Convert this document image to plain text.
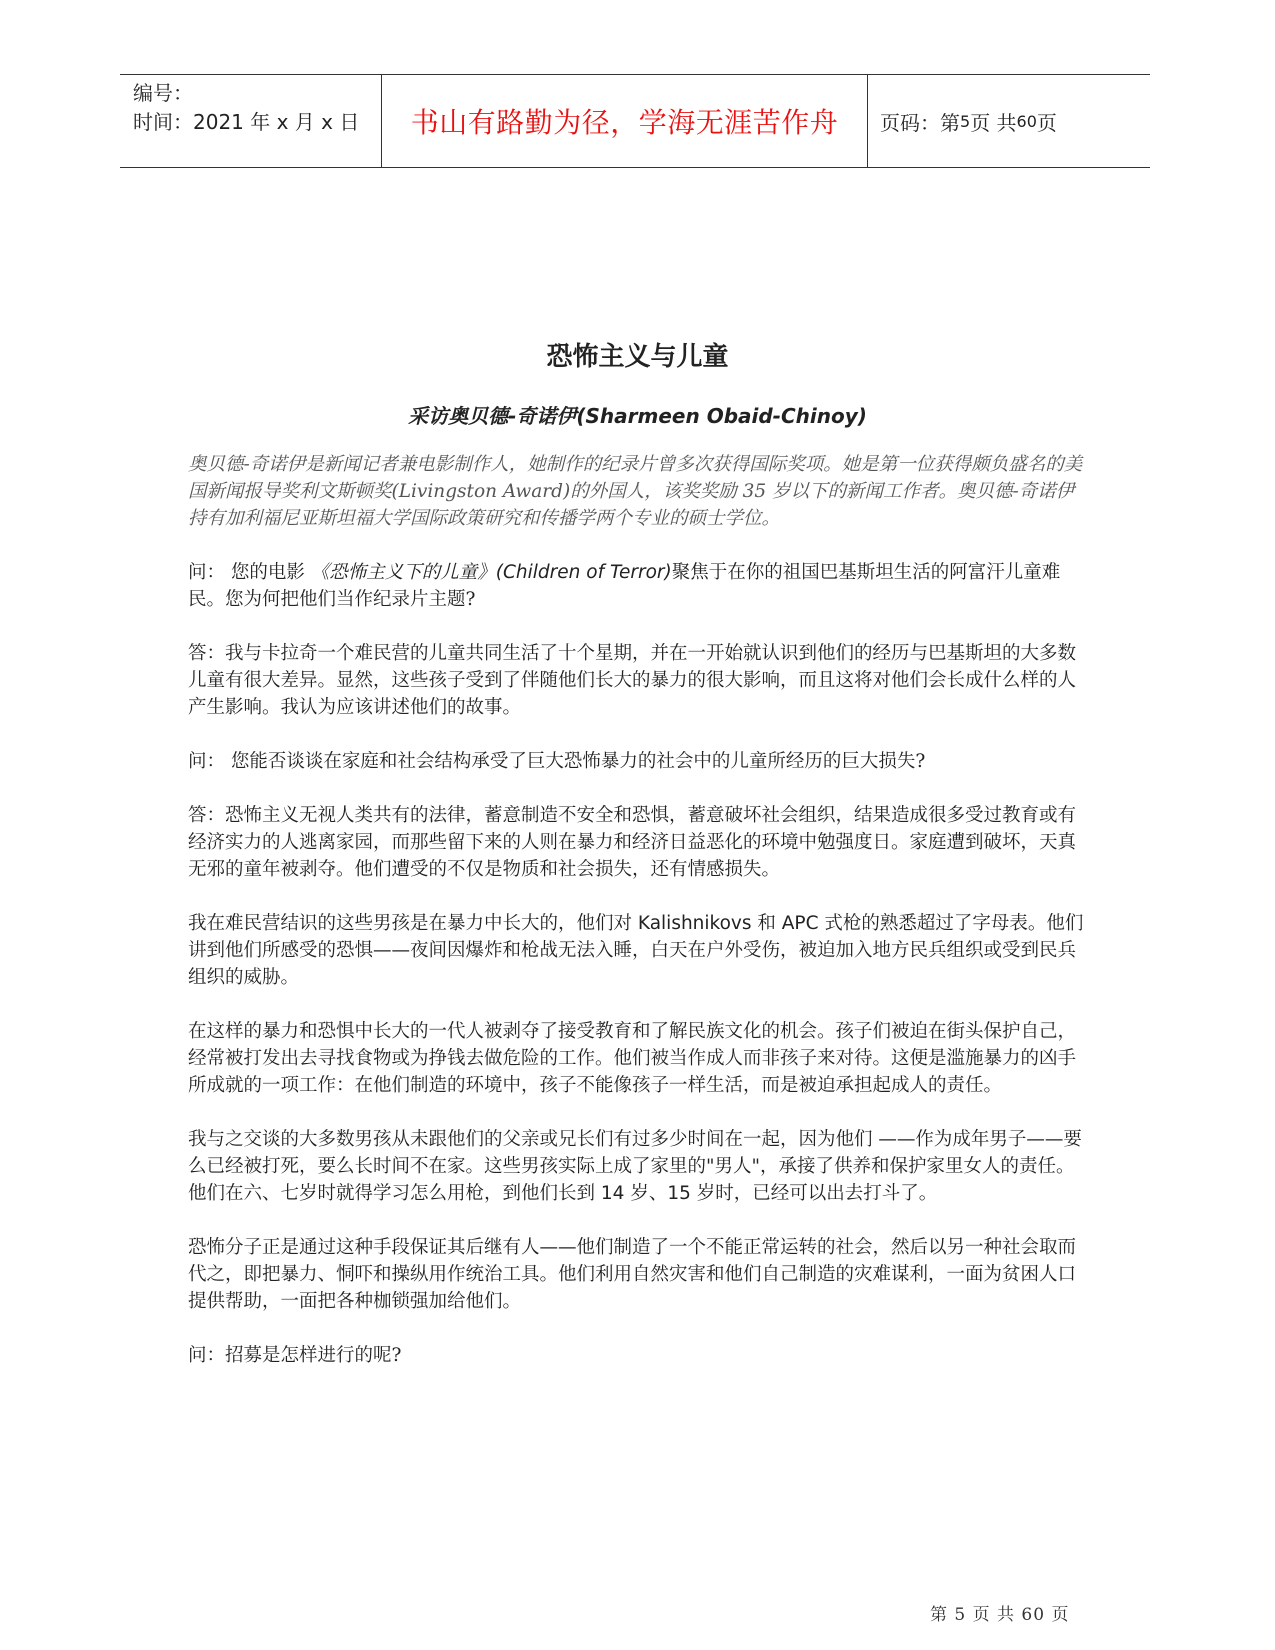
编号：
时间：2021 年 x 月 x 日	书山有路勤为径，学海无涯苦作舟 页码：第 5 页 共 60 页
恐怖主义与儿童
采访奥贝德-奇诺伊(Sharmeen Obaid-Chinoy)

奥贝德-奇诺伊是新闻记者兼电影制作人，她制作的纪录片曾多次获得国际奖项。她是第一位获得颇负盛名的美国新闻报导奖利文斯顿奖(Livingston Award)的外国人，该奖奖励 35 岁以下的新闻工作者。奥贝德-奇诺伊持有加利福尼亚斯坦福大学国际政策研究和传播学两个专业的硕士学位。

问： 您的电影 《恐怖主义下的儿童》(Children of Terror)聚焦于在你的祖国巴基斯坦生活的阿富汗儿童难民。您为何把他们当作纪录片主题?

答：我与卡拉奇一个难民营的儿童共同生活了十个星期，并在一开始就认识到他们的经历与巴基斯坦的大多数儿童有很大差异。显然，这些孩子受到了伴随他们长大的暴力的很大影响，而且这将对他们会长成什么样的人产生影响。我认为应该讲述他们的故事。

问： 您能否谈谈在家庭和社会结构承受了巨大恐怖暴力的社会中的儿童所经历的巨大损失?

答：恐怖主义无视人类共有的法律，蓄意制造不安全和恐惧，蓄意破坏社会组织，结果造成很多受过教育或有经济实力的人逃离家园，而那些留下来的人则在暴力和经济日益恶化的环境中勉强度日。家庭遭到破坏，天真无邪的童年被剥夺。他们遭受的不仅是物质和社会损失，还有情感损失。

我在难民营结识的这些男孩是在暴力中长大的，他们对 Kalishnikovs 和 APC 式枪的熟悉超过了字母表。他们讲到他们所感受的恐惧——夜间因爆炸和枪战无法入睡，白天在户外受伤，被迫加入地方民兵组织或受到民兵组织的威胁。

在这样的暴力和恐惧中长大的一代人被剥夺了接受教育和了解民族文化的机会。孩子们被迫在街头保护自己，经常被打发出去寻找食物或为挣钱去做危险的工作。他们被当作成人而非孩子来对待。这便是滥施暴力的凶手所成就的一项工作：在他们制造的环境中，孩子不能像孩子一样生活，而是被迫承担起成人的责任。

我与之交谈的大多数男孩从未跟他们的父亲或兄长们有过多少时间在一起，因为他们 ——作为成年男子——要么已经被打死，要么长时间不在家。这些男孩实际上成了家里的"男人"，承接了供养和保护家里女人的责任。他们在六、七岁时就得学习怎么用枪，到他们长到 14 岁、15 岁时，已经可以出去打斗了。

恐怖分子正是通过这种手段保证其后继有人——他们制造了一个不能正常运转的社会，然后以另一种社会取而代之，即把暴力、恫吓和操纵用作统治工具。他们利用自然灾害和他们自己制造的灾难谋利，一面为贫困人口提供帮助，一面把各种枷锁强加给他们。

问：招募是怎样进行的呢?

第 5 页 共 60 页
